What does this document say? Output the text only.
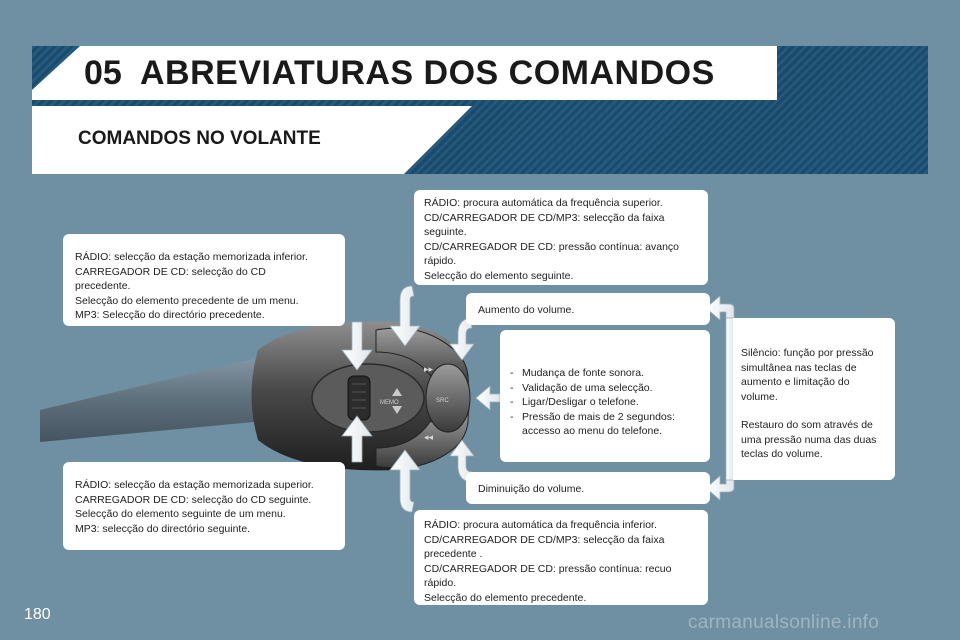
05 ABREVIATURAS DOS COMANDOS
COMANDOS NO VOLANTE
MEMO	SRC
▸▸
◂◂

RÁDIO: selecção da estação memorizada inferior.

CARREGADOR DE CD: selecção do CD

precedente.

Selecção do elemento precedente de um menu.

MP3: Selecção do directório precedente.

RÁDIO: selecção da estação memorizada superior.

CARREGADOR DE CD: selecção do CD seguinte.

Selecção do elemento seguinte de um menu.

MP3: selecção do directório seguinte.

RÁDIO: procura automática da frequência superior.

CD/CARREGADOR DE CD/MP3: selecção da faixa

seguinte.

CD/CARREGADOR DE CD: pressão contínua: avanço

rápido.

Selecção do elemento seguinte.

Aumento do volume.

- Mudança de fonte sonora.
- Validação de uma selecção.
- Ligar/Desligar o telefone.
- Pressão de mais de 2 segundos: accesso ao menu do telefone.

Diminuição do volume.

RÁDIO: procura automática da frequência inferior.

CD/CARREGADOR DE CD/MP3: selecção da faixa

precedente .

CD/CARREGADOR DE CD: pressão contínua: recuo

rápido.

Selecção do elemento precedente.

Silêncio: função por pressão simultânea nas teclas de aumento e limitação do volume.

Restauro do som através de uma pressão numa das duas teclas do volume.

180	carmanualsonline.info
